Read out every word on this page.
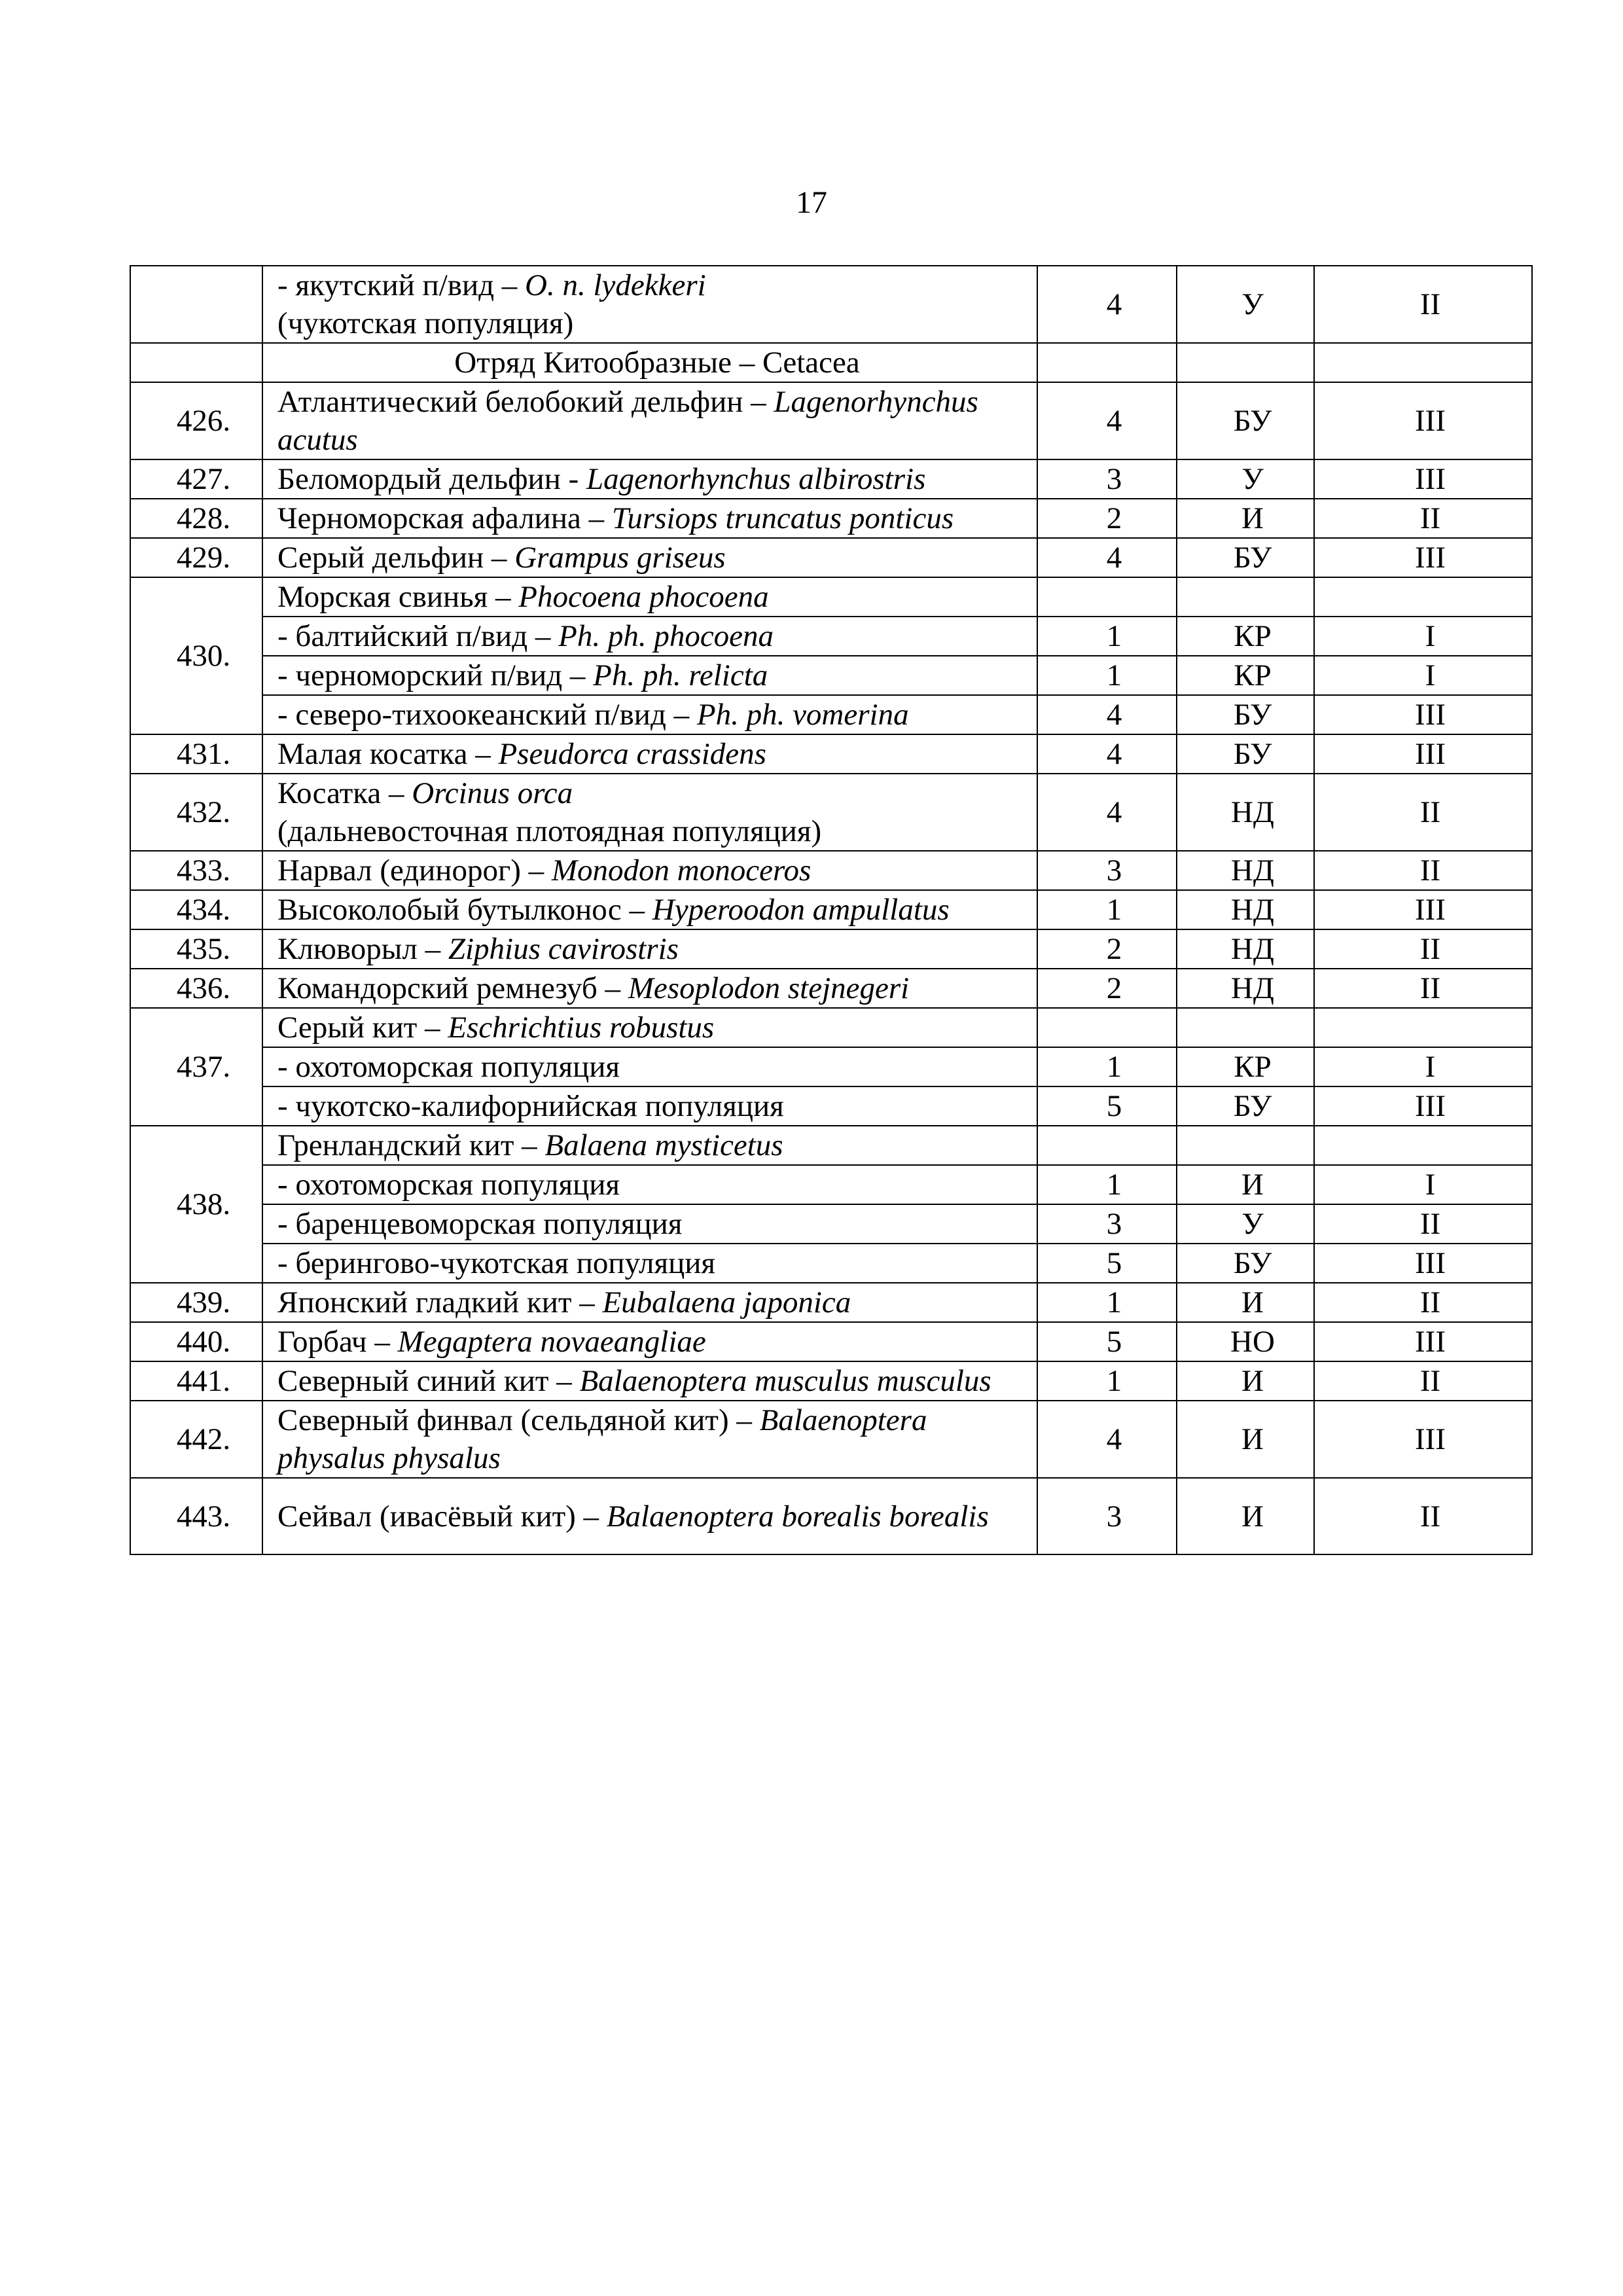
17
	- якутский п/вид – O. n. lydekkeri
(чукотская популяция)	4	У	II
	Отряд Китообразные – Cetacea			
426.	Атлантический белобокий дельфин – Lagenorhynchus acutus	4	БУ	III
427.	Беломордый дельфин - Lagenorhynchus albirostris	3	У	III
428.	Черноморская афалина – Tursiops truncatus ponticus	2	И	II
429.	Серый дельфин – Grampus griseus	4	БУ	III
430.	Морская свинья – Phocoena phocoena			
	- балтийский п/вид – Ph. ph. phocoena	1	КР	I
	- черноморский п/вид – Ph. ph. relicta	1	КР	I
	- северо-тихоокеанский п/вид – Ph. ph. vomerina	4	БУ	III
431.	Малая косатка – Pseudorca crassidens	4	БУ	III
432.	Косатка – Orcinus orca
(дальневосточная плотоядная популяция)	4	НД	II
433.	Нарвал (единорог) – Monodon monoceros	3	НД	II
434.	Высоколобый бутылконос – Hyperoodon ampullatus	1	НД	III
435.	Клюворыл – Ziphius cavirostris	2	НД	II
436.	Командорский ремнезуб – Mesoplodon stejnegeri	2	НД	II
437.	Серый кит – Eschrichtius robustus			
	- охотоморская популяция	1	КР	I
	- чукотско-калифорнийская популяция	5	БУ	III
438.	Гренландский кит – Balaena mysticetus			
	- охотоморская популяция	1	И	I
	- баренцевоморская популяция	3	У	II
	- берингово-чукотская популяция	5	БУ	III
439.	Японский гладкий кит – Eubalaena japonica	1	И	II
440.	Горбач – Megaptera novaeangliae	5	НО	III
441.	Северный синий кит – Balaenoptera musculus musculus	1	И	II
442.	Северный финвал (сельдяной кит) – Balaenoptera physalus physalus	4	И	III
443.	Сейвал (ивасёвый кит) – Balaenoptera borealis borealis	3	И	II
